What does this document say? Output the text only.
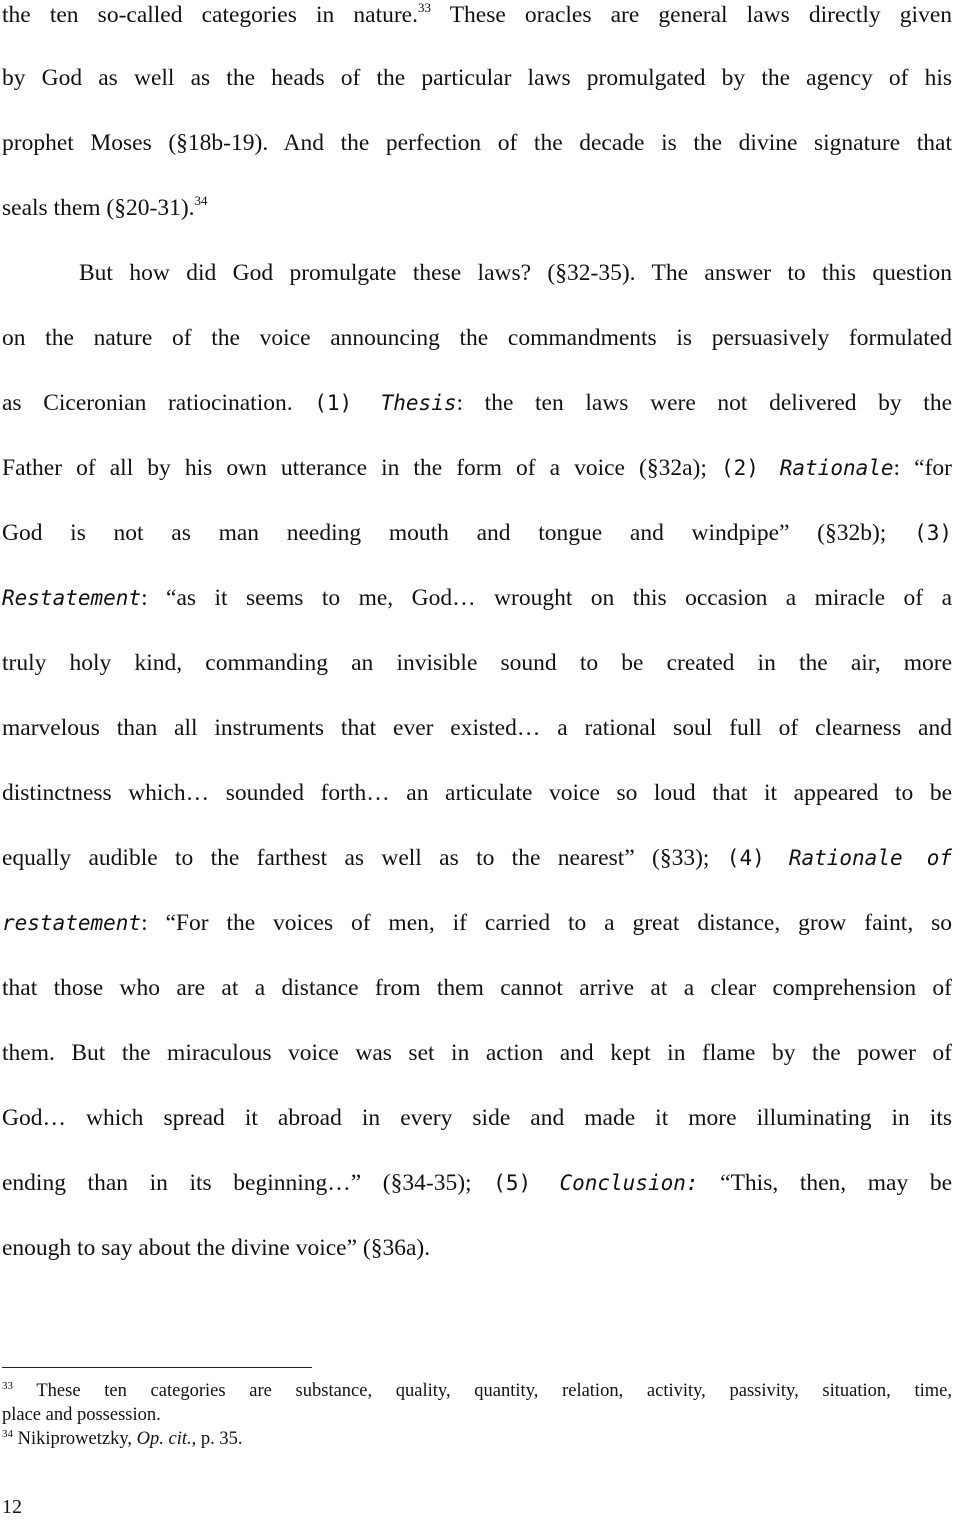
the ten so-called categories in nature.$^{33}$ These oracles are general laws directly given
by God as well as the heads of the particular laws promulgated by the agency of his
prophet Moses (§18b-19). And the perfection of the decade is the divine signature that
seals them (§20-31).$^{34}$
But how did God promulgate these laws? (§32-35). The answer to this question
on the nature of the voice announcing the commandments is persuasively formulated
as Ciceronian ratiocination. (1) Thesis: the ten laws were not delivered by the
Father of all by his own utterance in the form of a voice (§32a); (2) Rationale: “for
God is not as man needing mouth and tongue and windpipe” (§32b); (3)
Restatement: “as it seems to me, God… wrought on this occasion a miracle of a
truly holy kind, commanding an invisible sound to be created in the air, more
marvelous than all instruments that ever existed… a rational soul full of clearness and
distinctness which… sounded forth… an articulate voice so loud that it appeared to be
equally audible to the farthest as well as to the nearest” (§33); (4) Rationale of
restatement: “For the voices of men, if carried to a great distance, grow faint, so
that those who are at a distance from them cannot arrive at a clear comprehension of
them. But the miraculous voice was set in action and kept in flame by the power of
God… which spread it abroad in every side and made it more illuminating in its
ending than in its beginning…” (§34-35); (5) Conclusion: “This, then, may be
enough to say about the divine voice” (§36a).
$^{33}$ These ten categories are substance, quality, quantity, relation, activity, passivity, situation, time,
place and possession.
$^{34}$ Nikiprowetzky, Op. cit., p. 35.
12
